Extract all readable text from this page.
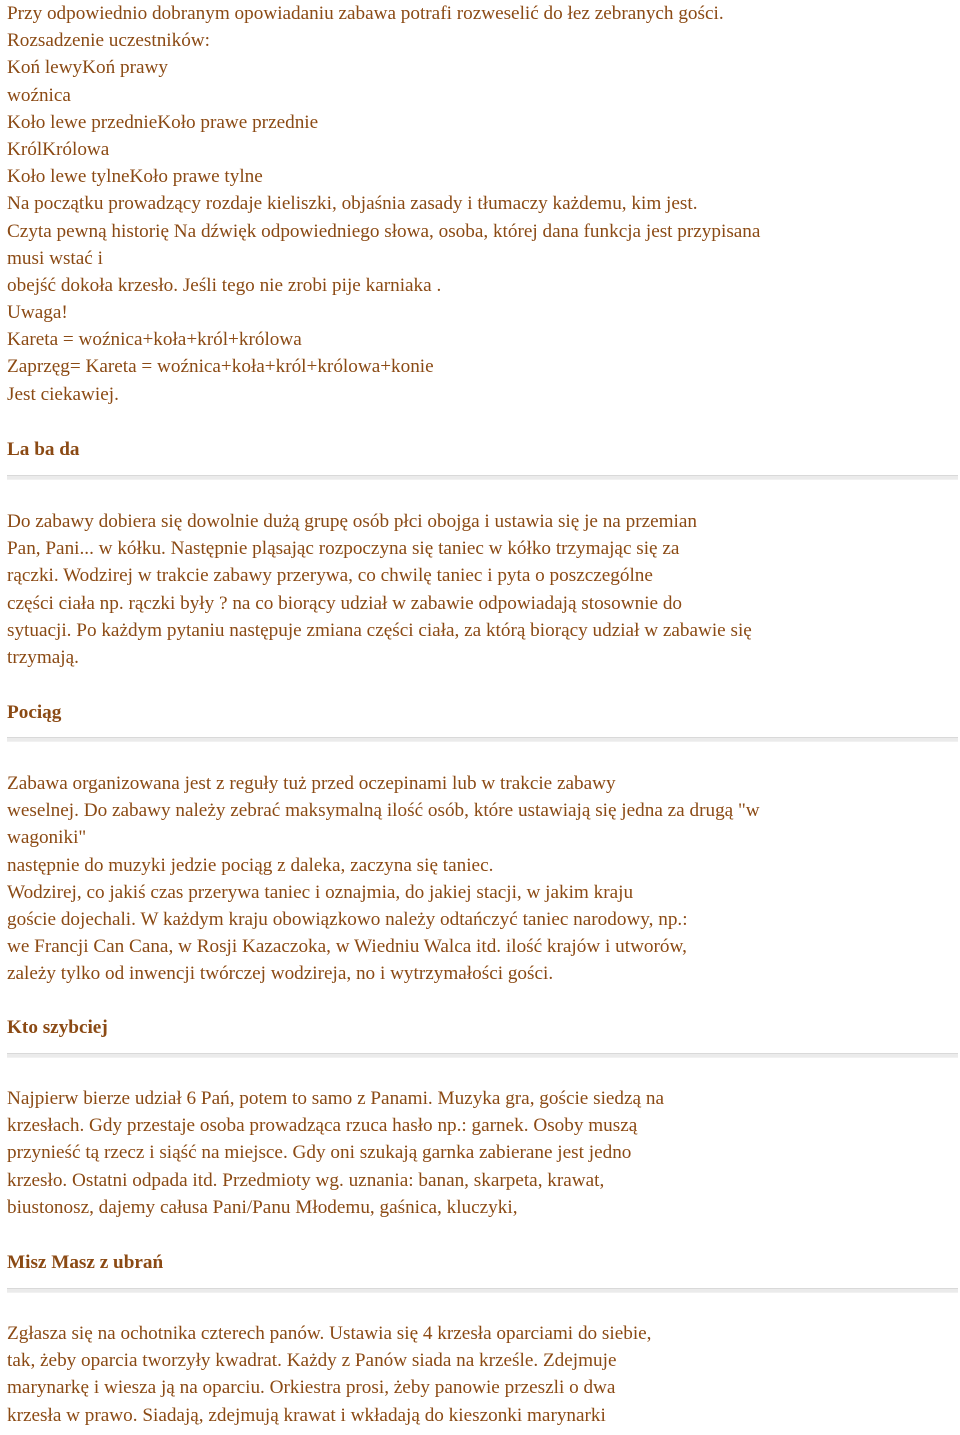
Przy odpowiednio dobranym opowiadaniu zabawa potrafi rozweselić do łez zebranych gości.
Rozsadzenie uczestników:
Koń lewyKoń prawy
woźnica
Koło lewe przednieKoło prawe przednie
KrólKrólowa
Koło lewe tylneKoło prawe tylne
Na początku prowadzący rozdaje kieliszki, objaśnia zasady i tłumaczy każdemu, kim jest.
Czyta pewną historię Na dźwięk odpowiedniego słowa, osoba, której dana funkcja jest przypisana
musi wstać i
obejść dokoła krzesło. Jeśli tego nie zrobi pije karniaka .
Uwaga!
Kareta = woźnica+koła+król+królowa
Zaprzęg= Kareta = woźnica+koła+król+królowa+konie
Jest ciekawiej.
La ba da
Do zabawy dobiera się dowolnie dużą grupę osób płci obojga i ustawia się je na przemian
Pan, Pani... w kółku. Następnie pląsając rozpoczyna się taniec w kółko trzymając się za
rączki. Wodzirej w trakcie zabawy przerywa, co chwilę taniec i pyta o poszczególne
części ciała np. rączki były ? na co biorący udział w zabawie odpowiadają stosownie do
sytuacji. Po każdym pytaniu następuje zmiana części ciała, za którą biorący udział w zabawie się
trzymają.
Pociąg
Zabawa organizowana jest z reguły tuż przed oczepinami lub w trakcie zabawy
weselnej. Do zabawy należy zebrać maksymalną ilość osób, które ustawiają się jedna za drugą "w
wagoniki"
następnie do muzyki jedzie pociąg z daleka, zaczyna się taniec.
Wodzirej, co jakiś czas przerywa taniec i oznajmia, do jakiej stacji, w jakim kraju
goście dojechali. W każdym kraju obowiązkowo należy odtańczyć taniec narodowy, np.:
we Francji Can Cana, w Rosji Kazaczoka, w Wiedniu Walca itd. ilość krajów i utworów,
zależy tylko od inwencji twórczej wodzireja, no i wytrzymałości gości.
Kto szybciej
Najpierw bierze udział 6 Pań, potem to samo z Panami. Muzyka gra, goście siedzą na
krzesłach. Gdy przestaje osoba prowadząca rzuca hasło np.: garnek. Osoby muszą
przynieść tą rzecz i siąść na miejsce. Gdy oni szukają garnka zabierane jest jedno
krzesło. Ostatni odpada itd. Przedmioty wg. uznania: banan, skarpeta, krawat,
biustonosz, dajemy całusa Pani/Panu Młodemu, gaśnica, kluczyki,
Misz Masz z ubrań
Zgłasza się na ochotnika czterech panów. Ustawia się 4 krzesła oparciami do siebie,
tak, żeby oparcia tworzyły kwadrat. Każdy z Panów siada na krześle. Zdejmuje
marynarkę i wiesza ją na oparciu. Orkiestra prosi, żeby panowie przeszli o dwa
krzesła w prawo. Siadają, zdejmują krawat i wkładają do kieszonki marynarki
